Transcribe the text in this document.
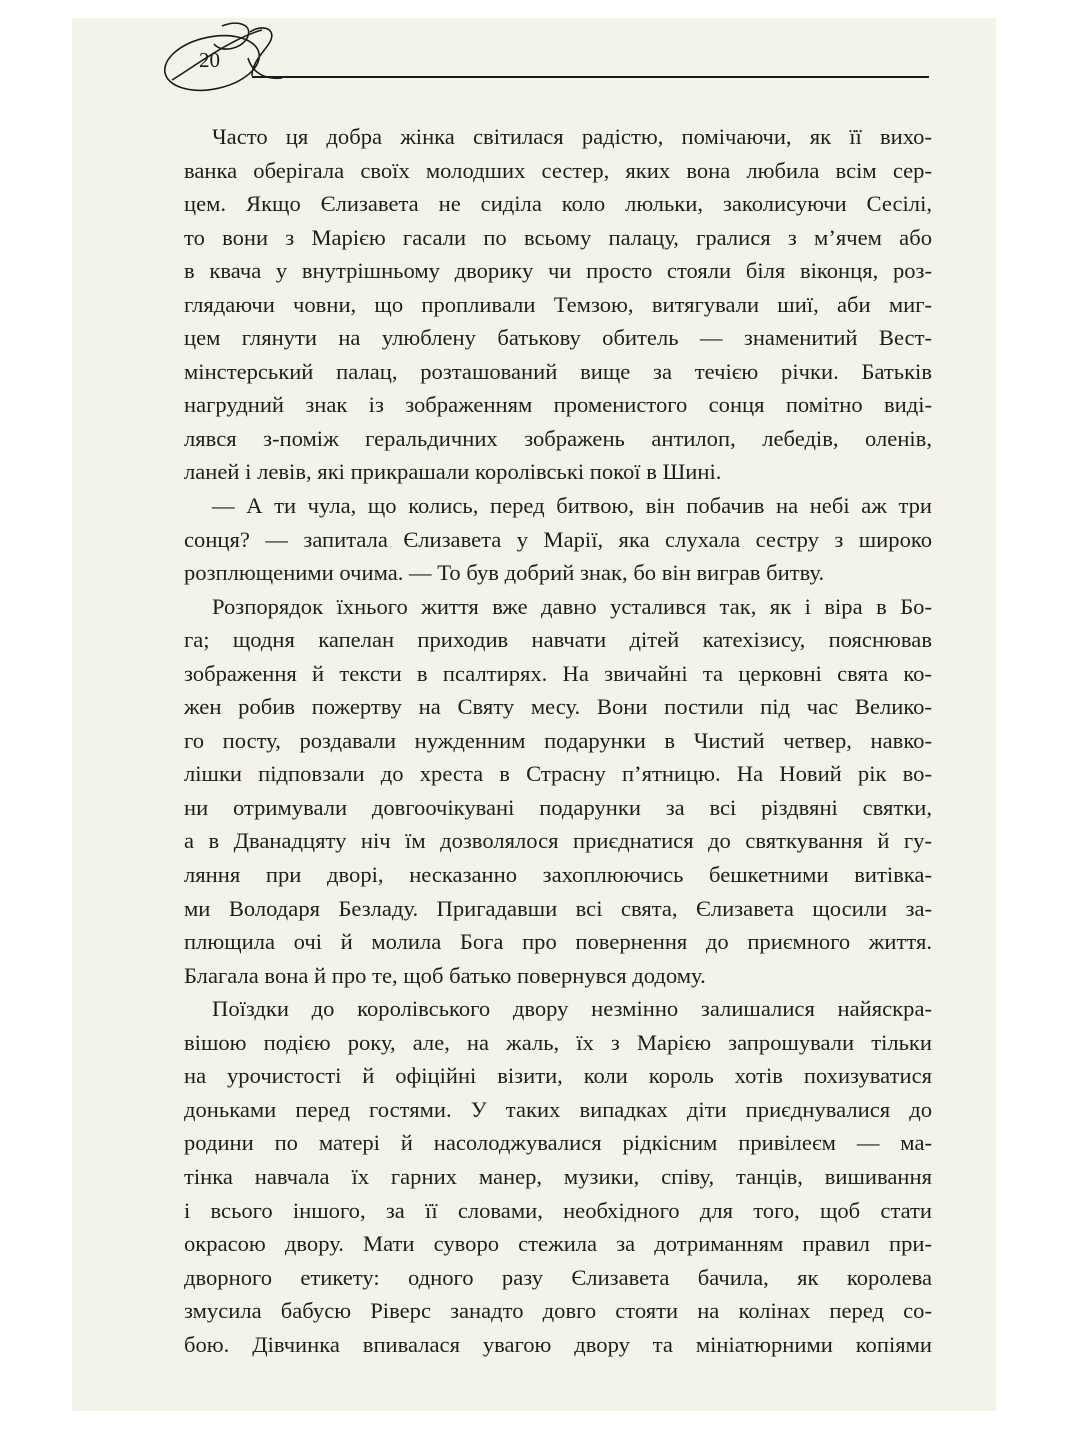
20
Часто ця добра жінка світилася радістю, помічаючи, як її вихо-
ванка оберігала своїх молодших сестер, яких вона любила всім сер-
цем. Якщо Єлизавета не сиділа коло люльки, заколисуючи Сесілі,
то вони з Марією гасали по всьому палацу, гралися з м’ячем або
в квача у внутрішньому дворику чи просто стояли біля віконця, роз-
глядаючи човни, що пропливали Темзою, витягували шиї, аби миг-
цем глянути на улюблену батькову обитель — знаменитий Вест-
мінстерський палац, розташований вище за течією річки. Батьків
нагрудний знак із зображенням променистого сонця помітно виді-
лявся з-поміж геральдичних зображень антилоп, лебедів, оленів,
ланей і левів, які прикрашали королівські покої в Шині.
— А ти чула, що колись, перед битвою, він побачив на небі аж три
сонця? — запитала Єлизавета у Марії, яка слухала сестру з широко
розплющеними очима. — То був добрий знак, бо він виграв битву.
Розпорядок їхнього життя вже давно усталився так, як і віра в Бо-
га; щодня капелан приходив навчати дітей катехізису, пояснював
зображення й тексти в псалтирях. На звичайні та церковні свята ко-
жен робив пожертву на Святу месу. Вони постили під час Велико-
го посту, роздавали нужденним подарунки в Чистий четвер, навко-
лішки підповзали до хреста в Страсну п’ятницю. На Новий рік во-
ни отримували довгоочікувані подарунки за всі різдвяні святки,
а в Дванадцяту ніч їм дозволялося приєднатися до святкування й гу-
ляння при дворі, несказанно захоплюючись бешкетними витівка-
ми Володаря Безладу. Пригадавши всі свята, Єлизавета щосили за-
плющила очі й молила Бога про повернення до приємного життя.
Благала вона й про те, щоб батько повернувся додому.
Поїздки до королівського двору незмінно залишалися найяскра-
вішою подією року, але, на жаль, їх з Марією запрошували тільки
на урочистості й офіційні візити, коли король хотів похизуватися
доньками перед гостями. У таких випадках діти приєднувалися до
родини по матері й насолоджувалися рідкісним привілеєм — ма-
тінка навчала їх гарних манер, музики, співу, танців, вишивання
і всього іншого, за її словами, необхідного для того, щоб стати
окрасою двору. Мати суворо стежила за дотриманням правил при-
дворного етикету: одного разу Єлизавета бачила, як королева
змусила бабусю Ріверс занадто довго стояти на колінах перед со-
бою. Дівчинка впивалася увагою двору та мініатюрними копіями
